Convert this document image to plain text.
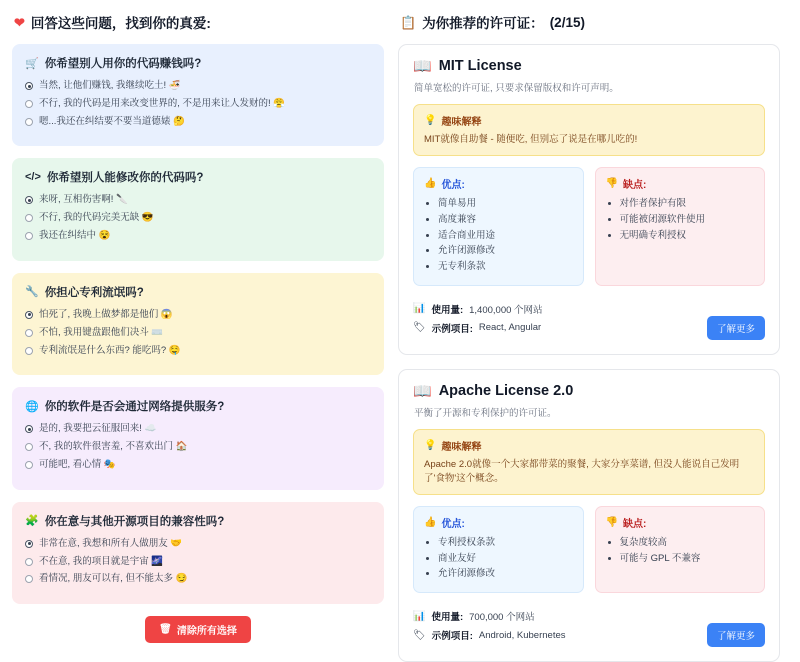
❤ 回答这些问题，找到你的真爱:
🛒 你希望别人用你的代码赚钱吗?
当然, 让他们赚钱, 我继续吃土! 🍜
不行, 我的代码是用来改变世界的, 不是用来让人发财的! 😤
嗯...我还在纠结要不要当道德婊 🤔
</> 你希望别人能修改你的代码吗?
来呀, 互相伤害啊! 🔪
不行, 我的代码完美无缺 😎
我还在纠结中 😵
🔧 你担心专利流氓吗?
怕死了, 我晚上做梦都是他们 😱
不怕, 我用键盘跟他们决斗 ⌨️
专利流氓是什么东西? 能吃吗? 🤤
🌐 你的软件是否会通过网络提供服务?
是的, 我要把云征服回来! ☁️
不, 我的软件很害羞, 不喜欢出门 🏠
可能吧, 看心情 🎭
🧩 你在意与其他开源项目的兼容性吗?
非常在意, 我想和所有人做朋友 🤝
不在意, 我的项目就是宇宙 🌌
看情况, 朋友可以有, 但不能太多 😏
🗑 清除所有选择
📋 为你推荐的许可证： (2/15)
📖 MIT License
简单宽松的许可证, 只要求保留版权和许可声明。
💡 趣味解释
MIT就像自助餐 - 随便吃, 但别忘了说是在哪儿吃的!
👍 优点:
• 简单易用
• 高度兼容
• 适合商业用途
• 允许闭源修改
• 无专利条款
👎 缺点:
• 对作者保护有限
• 可能被闭源软件使用
• 无明确专利授权
📊 使用量: 1,400,000 个网站
🏷 示例项目: React, Angular	了解更多
📖 Apache License 2.0
平衡了开源和专利保护的许可证。
💡 趣味解释
Apache 2.0就像一个大家都带菜的聚餐, 大家分享菜谱, 但没人能说自己发明了'食物'这个概念。
👍 优点:
• 专利授权条款
• 商业友好
• 允许闭源修改
👎 缺点:
• 复杂度较高
• 可能与 GPL 不兼容
📊 使用量: 700,000 个网站
🏷 示例项目: Android, Kubernetes	了解更多
